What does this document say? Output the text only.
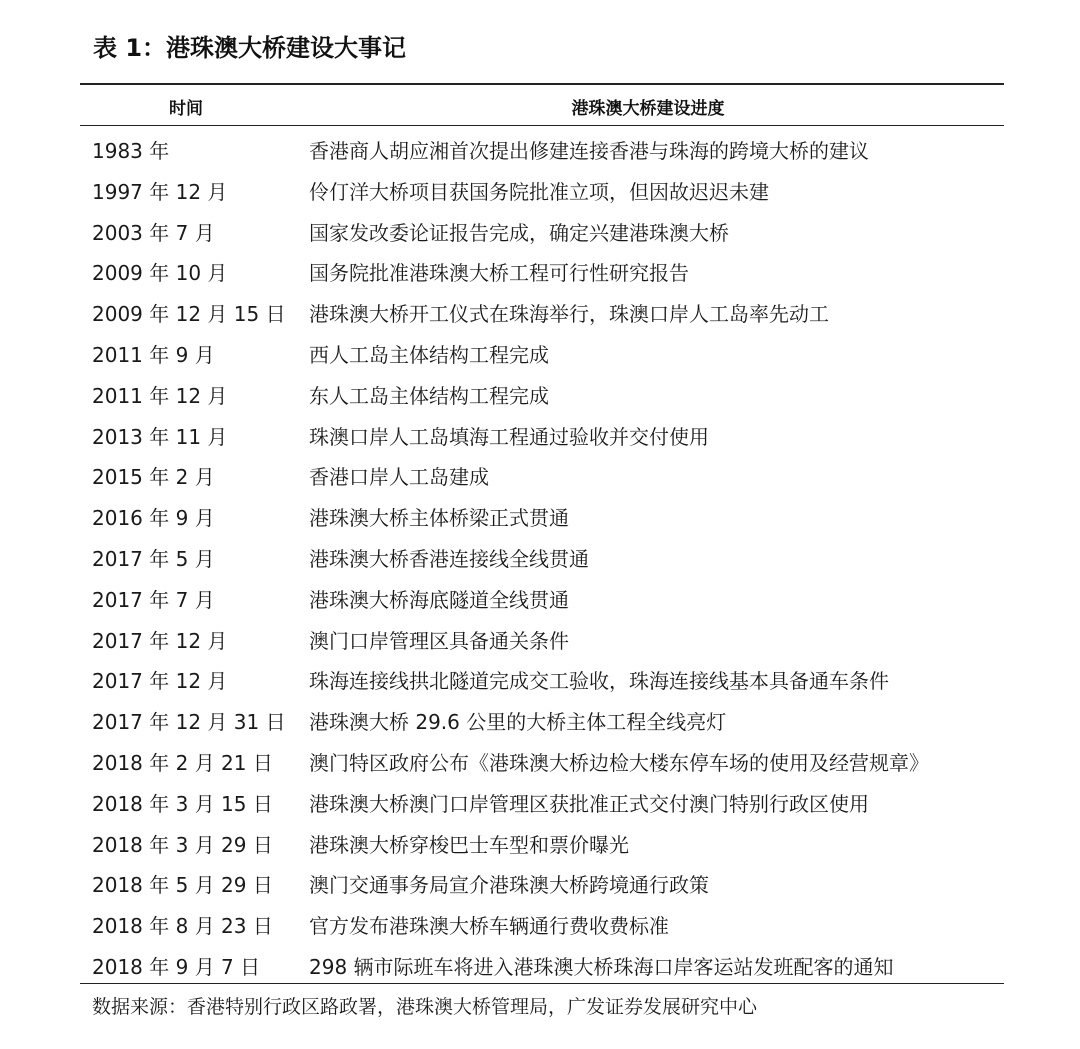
表 1：港珠澳大桥建设大事记
时间	港珠澳大桥建设进度
1983 年	香港商人胡应湘首次提出修建连接香港与珠海的跨境大桥的建议
1997 年 12 月	伶仃洋大桥项目获国务院批准立项，但因故迟迟未建
2003 年 7 月	国家发改委论证报告完成，确定兴建港珠澳大桥
2009 年 10 月	国务院批准港珠澳大桥工程可行性研究报告
2009 年 12 月 15 日 港珠澳大桥开工仪式在珠海举行，珠澳口岸人工岛率先动工
2011 年 9 月	西人工岛主体结构工程完成
2011 年 12 月	东人工岛主体结构工程完成
2013 年 11 月	珠澳口岸人工岛填海工程通过验收并交付使用
2015 年 2 月	香港口岸人工岛建成
2016 年 9 月	港珠澳大桥主体桥梁正式贯通
2017 年 5 月	港珠澳大桥香港连接线全线贯通
2017 年 7 月	港珠澳大桥海底隧道全线贯通
2017 年 12 月	澳门口岸管理区具备通关条件
2017 年 12 月	珠海连接线拱北隧道完成交工验收，珠海连接线基本具备通车条件
2017 年 12 月 31 日 港珠澳大桥 29.6 公里的大桥主体工程全线亮灯
2018 年 2 月 21 日 澳门特区政府公布《港珠澳大桥边检大楼东停车场的使用及经营规章》
2018 年 3 月 15 日 港珠澳大桥澳门口岸管理区获批准正式交付澳门特别行政区使用
2018 年 3 月 29 日 港珠澳大桥穿梭巴士车型和票价曝光
2018 年 5 月 29 日 澳门交通事务局宣介港珠澳大桥跨境通行政策
2018 年 8 月 23 日 官方发布港珠澳大桥车辆通行费收费标准
2018 年 9 月 7 日 298 辆市际班车将进入港珠澳大桥珠海口岸客运站发班配客的通知
数据来源：香港特别行政区路政署，港珠澳大桥管理局，广发证券发展研究中心
